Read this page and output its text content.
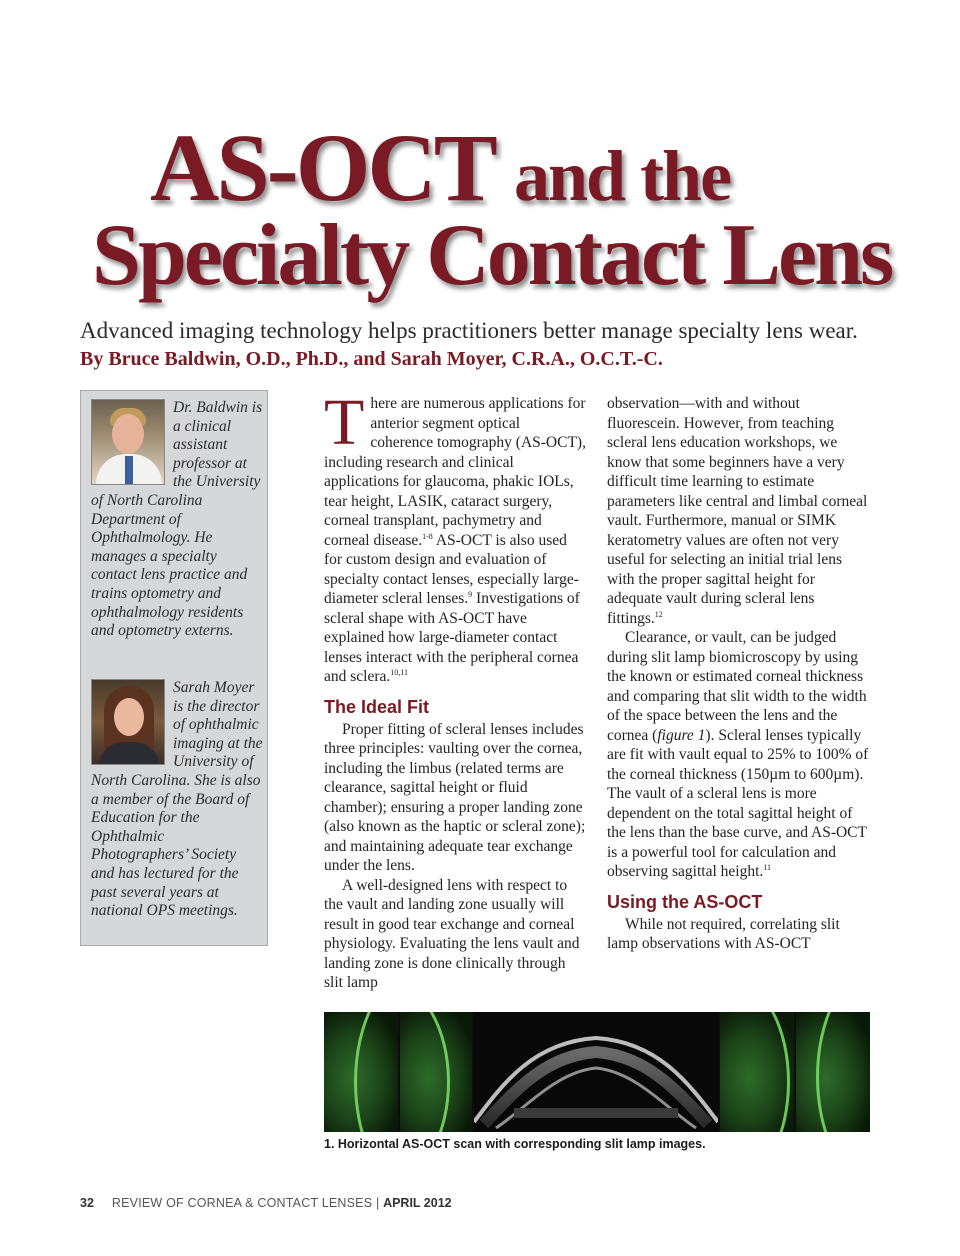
AS-OCT and the
Specialty Contact Lens
Advanced imaging technology helps practitioners better manage specialty lens wear.
By Bruce Baldwin, O.D., Ph.D., and Sarah Moyer, C.R.A., O.C.T.-C.
Dr. Baldwin is a clinical assistant professor at the University of North Carolina Department of Ophthalmology. He manages a specialty contact lens practice and trains optometry and ophthalmology residents and optometry externs.
Sarah Moyer is the director of ophthalmic imaging at the University of North Carolina. She is also a member of the Board of Education for the Ophthalmic Photographers’ Society and has lectured for the past several years at national OPS meetings.

There are numerous applications for anterior segment optical coherence tomography (AS-OCT), including research and clinical applications for glaucoma, phakic IOLs, tear height, LASIK, cataract surgery, corneal transplant, pachymetry and corneal disease.$^{1-8}$ AS-OCT is also used for custom design and evaluation of specialty contact lenses, especially large-diameter scleral lenses.$^9$ Investigations of scleral shape with AS-OCT have explained how large-diameter contact lenses interact with the peripheral cornea and sclera.$^{10,11}$

The Ideal Fit

Proper fitting of scleral lenses includes three principles: vaulting over the cornea, including the limbus (related terms are clearance, sagittal height or fluid chamber); ensuring a proper landing zone (also known as the haptic or scleral zone); and maintaining adequate tear exchange under the lens.

A well-designed lens with respect to the vault and landing zone usually will result in good tear exchange and corneal physiology. Evaluating the lens vault and landing zone is done clinically through slit lamp

observation—with and without fluorescein. However, from teaching scleral lens education workshops, we know that some beginners have a very difficult time learning to estimate parameters like central and limbal corneal vault. Furthermore, manual or SIMK keratometry values are often not very useful for selecting an initial trial lens with the proper sagittal height for adequate vault during scleral lens fittings.$^{12}$

Clearance, or vault, can be judged during slit lamp biomicroscopy by using the known or estimated corneal thickness and comparing that slit width to the width of the space between the lens and the cornea (figure 1). Scleral lenses typically are fit with vault equal to 25% to 100% of the corneal thickness (150µm to 600µm). The vault of a scleral lens is more dependent on the total sagittal height of the lens than the base curve, and AS-OCT is a powerful tool for calculation and observing sagittal height.$^{11}$

Using the AS-OCT

While not required, correlating slit lamp observations with AS-OCT

1. Horizontal AS-OCT scan with corresponding slit lamp images.
32 REVIEW OF CORNEA & CONTACT LENSES | APRIL 2012
